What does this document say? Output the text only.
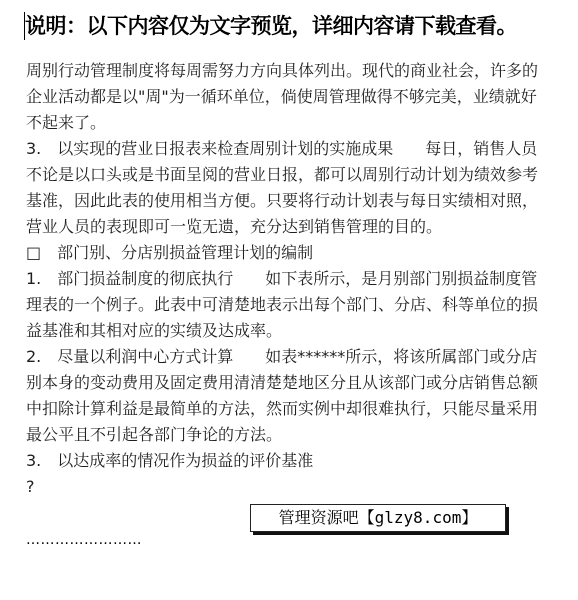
说明：以下内容仅为文字预览，详细内容请下载查看。

周别行动管理制度将每周需努力方向具体列出。现代的商业社会，许多的企业活动都是以"周"为一循环单位，倘使周管理做得不够完美，业绩就好不起来了。

3.　以实现的营业日报表来检查周别计划的实施成果　　每日，销售人员不论是以口头或是书面呈阅的营业日报，都可以周别行动计划为绩效参考基准，因此此表的使用相当方便。只要将行动计划表与每日实绩相对照，营业人员的表现即可一览无遗，充分达到销售管理的目的。

□　部门别、分店别损益管理计划的编制

1.　部门损益制度的彻底执行　　如下表所示，是月别部门别损益制度管理表的一个例子。此表中可清楚地表示出每个部门、分店、科等单位的损益基准和其相对应的实绩及达成率。

2.　尽量以利润中心方式计算　　如表******所示，将该所属部门或分店别本身的变动费用及固定费用清清楚楚地区分且从该部门或分店销售总额中扣除计算利益是最简单的方法，然而实例中却很难执行，只能尽量采用最公平且不引起各部门争论的方法。

3.　以达成率的情况作为损益的评价基准

?

管理资源吧【glzy8.com】
……………………
